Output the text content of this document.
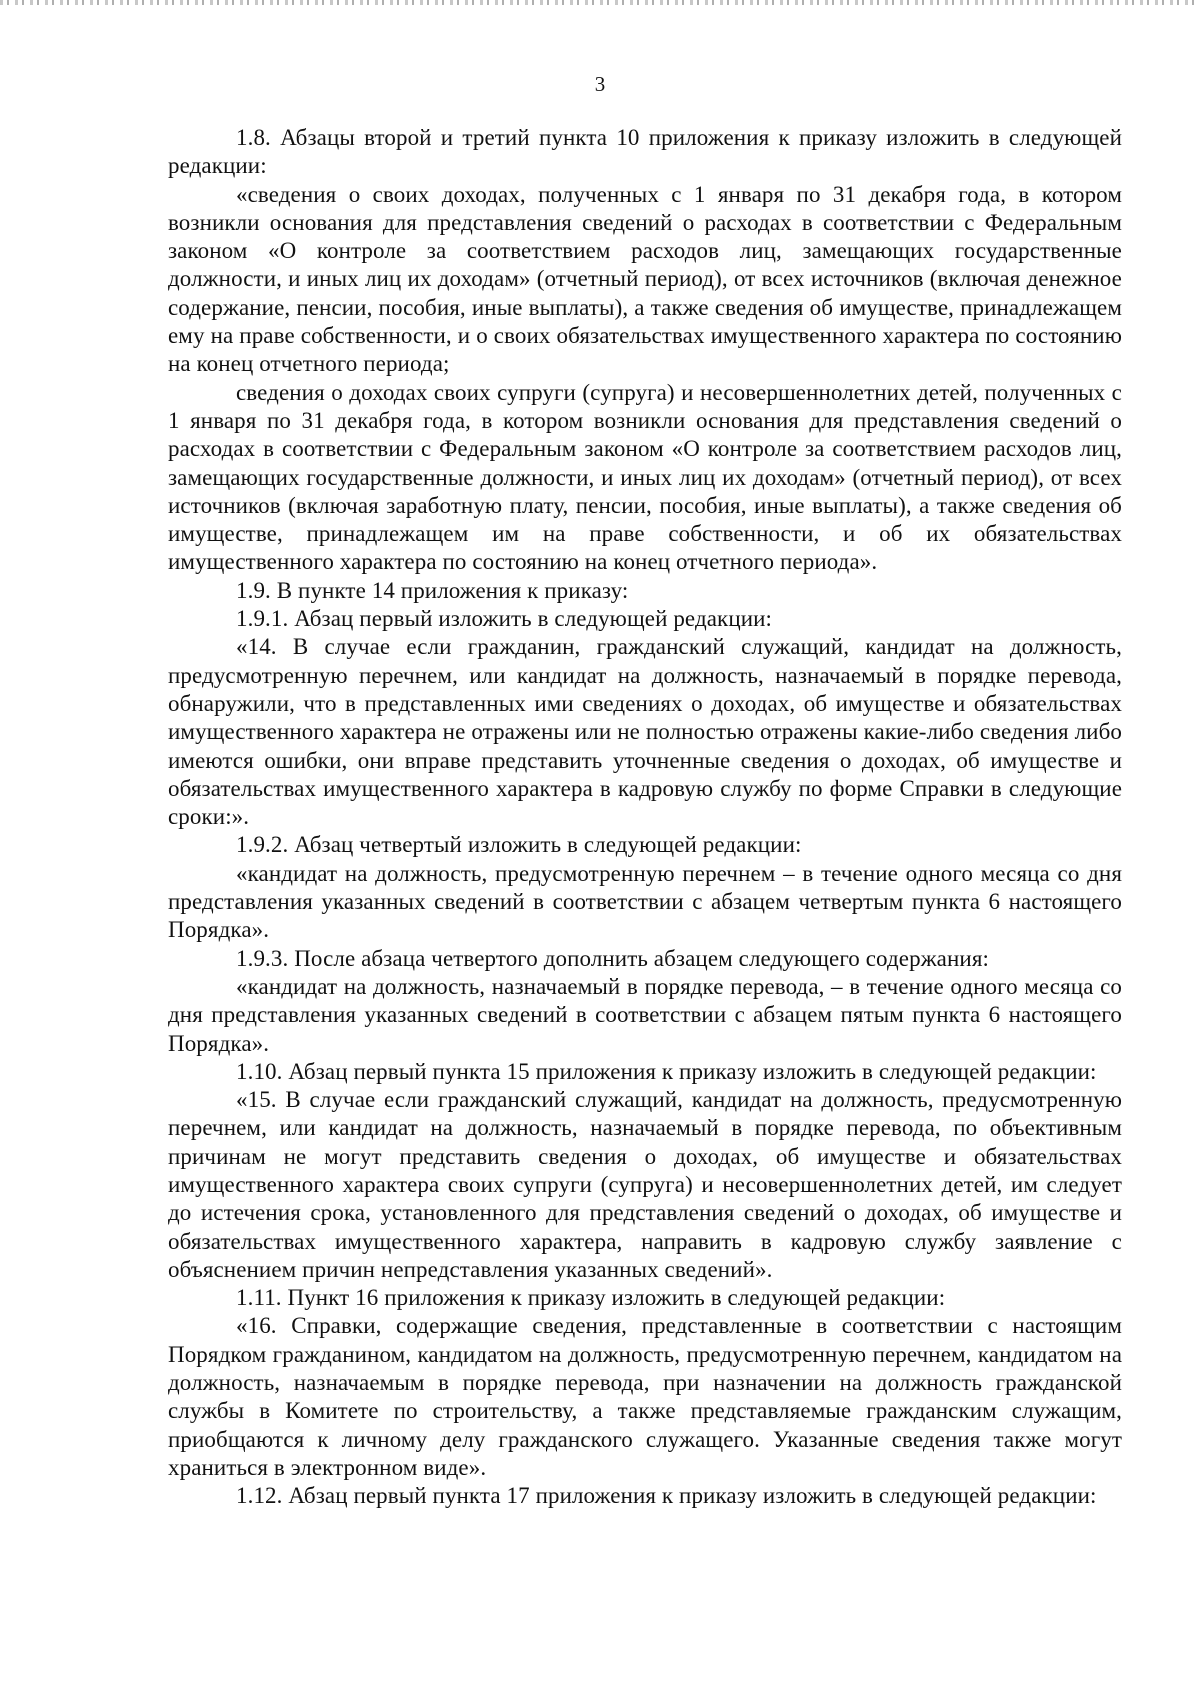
3

1.8. Абзацы второй и третий пункта 10 приложения к приказу изложить в следующей редакции:

«сведения о своих доходах, полученных с 1 января по 31 декабря года, в котором возникли основания для представления сведений о расходах в соответствии с Федеральным законом «О контроле за соответствием расходов лиц, замещающих государственные должности, и иных лиц их доходам» (отчетный период), от всех источников (включая денежное содержание, пенсии, пособия, иные выплаты), а также сведения об имуществе, принадлежащем ему на праве собственности, и о своих обязательствах имущественного характера по состоянию на конец отчетного периода;

сведения о доходах своих супруги (супруга) и несовершеннолетних детей, полученных с 1 января по 31 декабря года, в котором возникли основания для представления сведений о расходах в соответствии с Федеральным законом «О контроле за соответствием расходов лиц, замещающих государственные должности, и иных лиц их доходам» (отчетный период), от всех источников (включая заработную плату, пенсии, пособия, иные выплаты), а также сведения об имуществе, принадлежащем им на праве собственности, и об их обязательствах имущественного характера по состоянию на конец отчетного периода».

1.9. В пункте 14 приложения к приказу:

1.9.1. Абзац первый изложить в следующей редакции:

«14. В случае если гражданин, гражданский служащий, кандидат на должность, предусмотренную перечнем, или кандидат на должность, назначаемый в порядке перевода, обнаружили, что в представленных ими сведениях о доходах, об имуществе и обязательствах имущественного характера не отражены или не полностью отражены какие-либо сведения либо имеются ошибки, они вправе представить уточненные сведения о доходах, об имуществе и обязательствах имущественного характера в кадровую службу по форме Справки в следующие сроки:».

1.9.2. Абзац четвертый изложить в следующей редакции:

«кандидат на должность, предусмотренную перечнем – в течение одного месяца со дня представления указанных сведений в соответствии с абзацем четвертым пункта 6 настоящего Порядка».

1.9.3. После абзаца четвертого дополнить абзацем следующего содержания:

«кандидат на должность, назначаемый в порядке перевода, – в течение одного месяца со дня представления указанных сведений в соответствии с абзацем пятым пункта 6 настоящего Порядка».

1.10. Абзац первый пункта 15 приложения к приказу изложить в следующей редакции:

«15. В случае если гражданский служащий, кандидат на должность, предусмотренную перечнем, или кандидат на должность, назначаемый в порядке перевода, по объективным причинам не могут представить сведения о доходах, об имуществе и обязательствах имущественного характера своих супруги (супруга) и несовершеннолетних детей, им следует до истечения срока, установленного для представления сведений о доходах, об имуществе и обязательствах имущественного характера, направить в кадровую службу заявление с объяснением причин непредставления указанных сведений».

1.11. Пункт 16 приложения к приказу изложить в следующей редакции:

«16. Справки, содержащие сведения, представленные в соответствии с настоящим Порядком гражданином, кандидатом на должность, предусмотренную перечнем, кандидатом на должность, назначаемым в порядке перевода, при назначении на должность гражданской службы в Комитете по строительству, а также представляемые гражданским служащим, приобщаются к личному делу гражданского служащего. Указанные сведения также могут храниться в электронном виде».

1.12. Абзац первый пункта 17 приложения к приказу изложить в следующей редакции:
